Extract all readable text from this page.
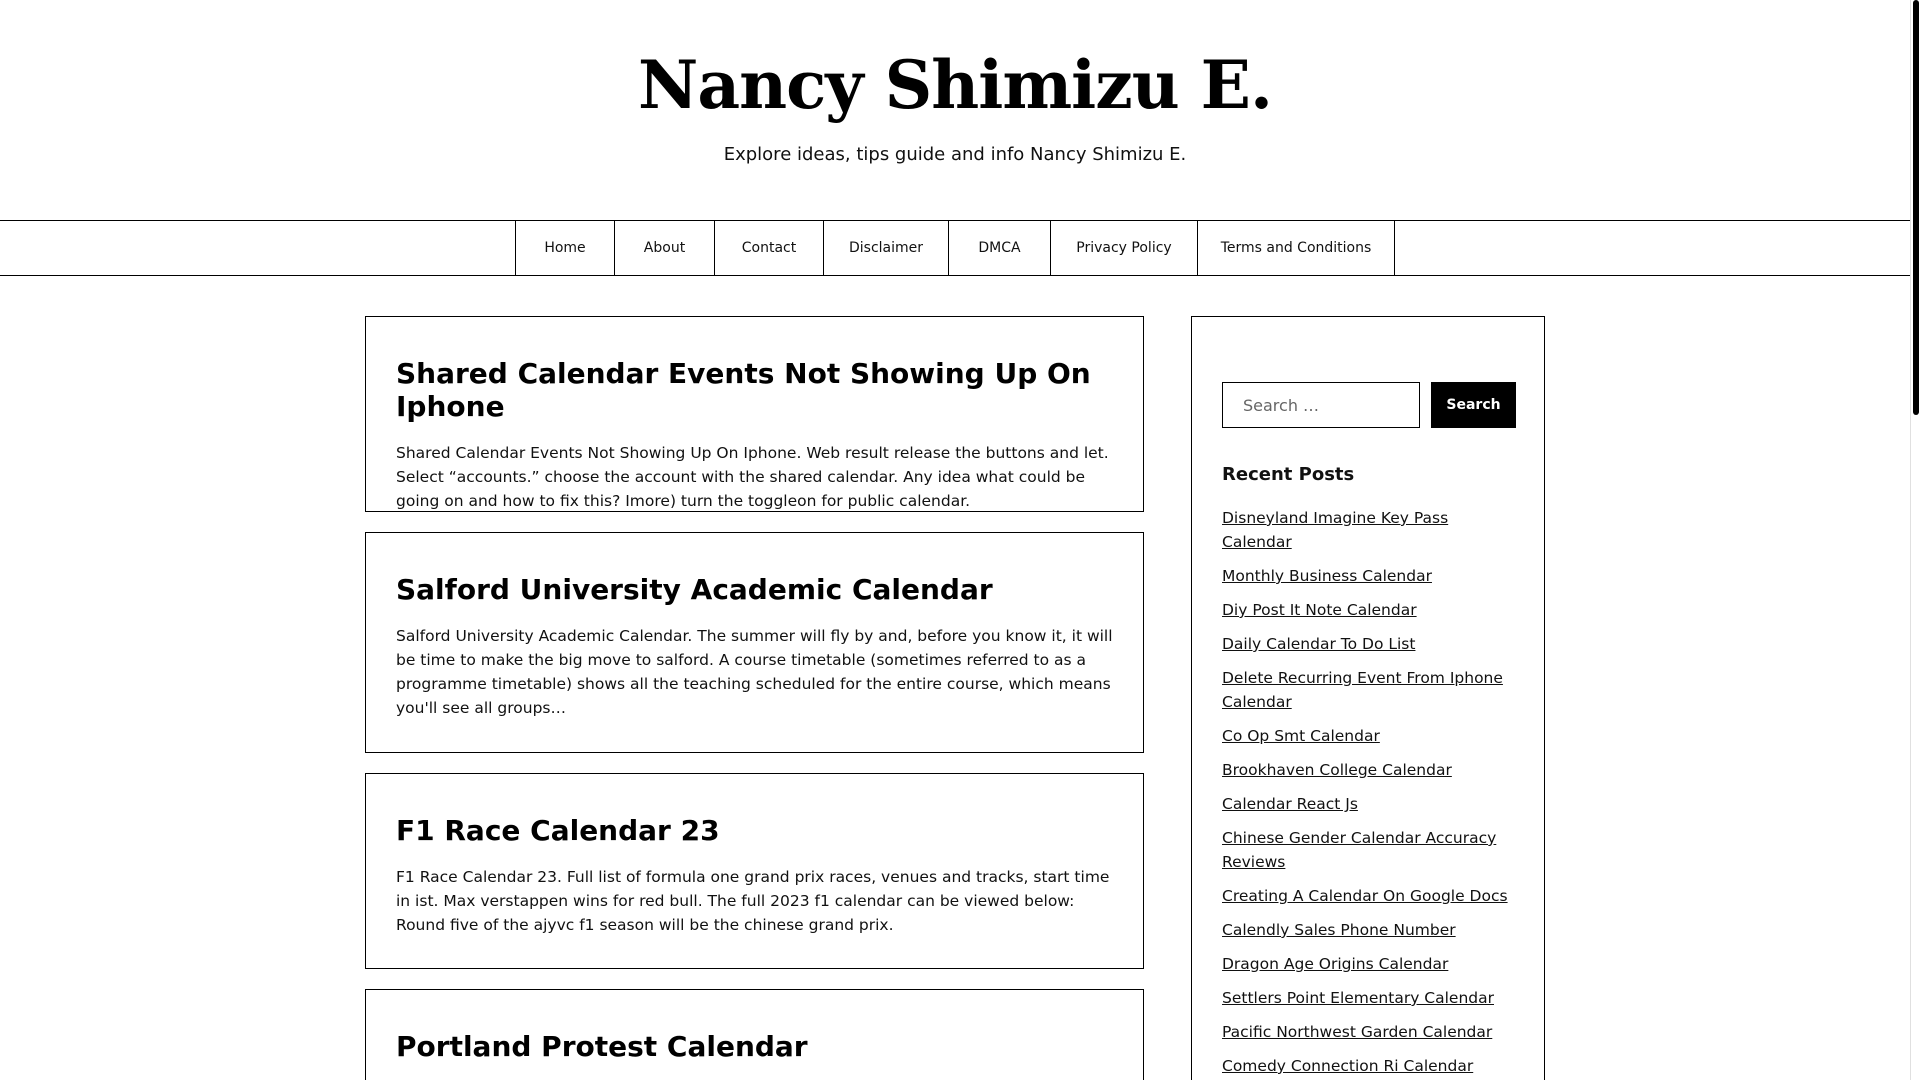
Nancy Shimizu E.

Explore ideas, tips guide and info Nancy Shimizu E.

Home	About	Contact	Disclaimer	DMCA	Privacy Policy	Terms and Conditions
Shared Calendar Events Not Showing Up On Iphone

Shared Calendar Events Not Showing Up On Iphone. Web result release the buttons and let. Select “accounts.” choose the account with the shared calendar. Any idea what could be going on and how to fix this? Imore) turn the toggleon for public calendar.

Salford University Academic Calendar

Salford University Academic Calendar. The summer will fly by and, before you know it, it will be time to make the big move to salford. A course timetable (sometimes referred to as a programme timetable) shows all the teaching scheduled for the entire course, which means you'll see all groups…

F1 Race Calendar 23

F1 Race Calendar 23. Full list of formula one grand prix races, venues and tracks, start time in ist. Max verstappen wins for red bull. The full 2023 f1 calendar can be viewed below: Round five of the ajyvc f1 season will be the chinese grand prix.

Portland Protest Calendar

Search …
Search
Recent Posts
Disneyland Imagine Key Pass Calendar
Monthly Business Calendar
Diy Post It Note Calendar
Daily Calendar To Do List
Delete Recurring Event From Iphone Calendar
Co Op Smt Calendar
Brookhaven College Calendar
Calendar React Js
Chinese Gender Calendar Accuracy Reviews
Creating A Calendar On Google Docs
Calendly Sales Phone Number
Dragon Age Origins Calendar
Settlers Point Elementary Calendar
Pacific Northwest Garden Calendar
Comedy Connection Ri Calendar
